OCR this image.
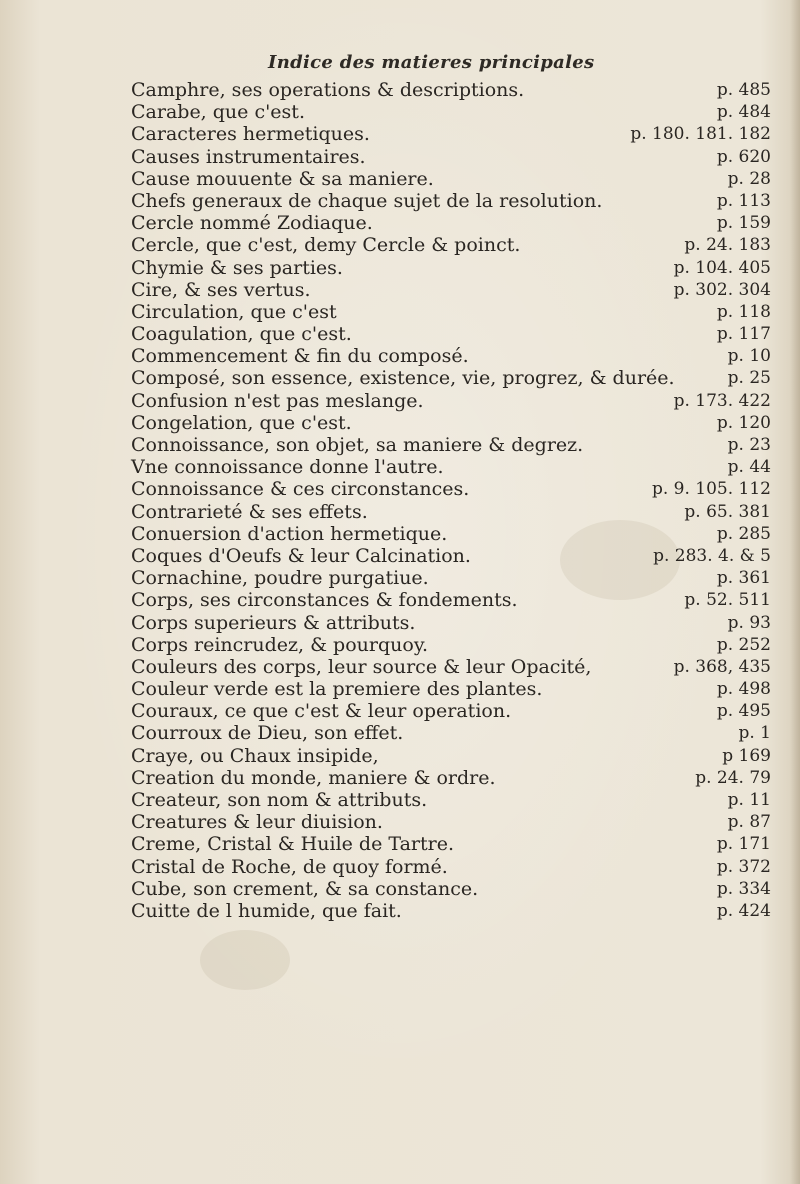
Indice des matieres principales
Camphre, ses operations & descriptions.	p. 485
Carabe, que c'est.	p. 484
Caracteres hermetiques.	p. 180. 181. 182
Causes instrumentaires.	p. 620
Cause mouuente & sa maniere.	p. 28
Chefs generaux de chaque sujet de la resolution.	p. 113
Cercle nommé Zodiaque.	p. 159
Cercle, que c'est, demy Cercle & poinct.	p. 24. 183
Chymie & ses parties.	p. 104. 405
Cire, & ses vertus.	p. 302. 304
Circulation, que c'est	p. 118
Coagulation, que c'est.	p. 117
Commencement & fin du composé.	p. 10
Composé, son essence, existence, vie, progrez, & durée.	p. 25
Confusion n'est pas meslange.	p. 173. 422
Congelation, que c'est.	p. 120
Connoissance, son objet, sa maniere & degrez.	p. 23
Vne connoissance donne l'autre.	p. 44
Connoissance & ces circonstances.	p. 9. 105. 112
Contrarieté & ses effets.	p. 65. 381
Conuersion d'action hermetique.	p. 285
Coques d'Oeufs & leur Calcination.	p. 283. 4. & 5
Cornachine, poudre purgatiue.	p. 361
Corps, ses circonstances & fondements.	p. 52. 511
Corps superieurs & attributs.	p. 93
Corps reincrudez, & pourquoy.	p. 252
Couleurs des corps, leur source & leur Opacité,	p. 368, 435
Couleur verde est la premiere des plantes.	p. 498
Couraux, ce que c'est & leur operation.	p. 495
Courroux de Dieu, son effet.	p. 1
Craye, ou Chaux insipide,	p 169
Creation du monde, maniere & ordre.	p. 24. 79
Createur, son nom & attributs.	p. 11
Creatures & leur diuision.	p. 87
Creme, Cristal & Huile de Tartre.	p. 171
Cristal de Roche, de quoy formé.	p. 372
Cube, son crement, & sa constance.	p. 334
Cuitte de l humide, que fait.	p. 424
